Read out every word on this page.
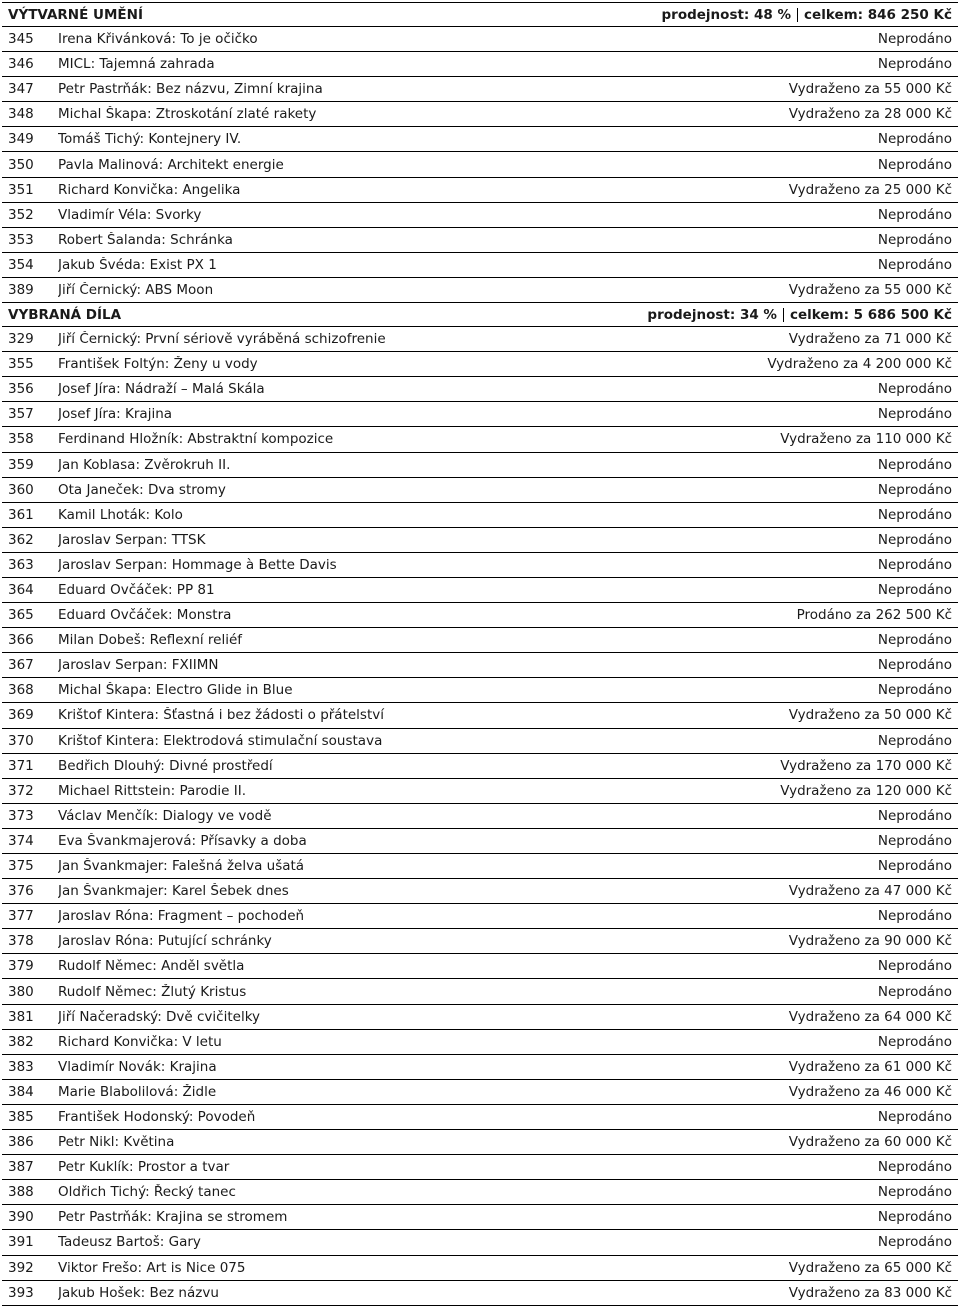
VÝTVARNÉ UMĚNÍ	prodejnost: 48 % celkem: 846 250 Kč
345	Irena Křivánková: To je očičko	Neprodáno
346	MICL: Tajemná zahrada	Neprodáno
347	Petr Pastrňák: Bez názvu, Zimní krajina	Vydraženo za 55 000 Kč
348	Michal Škapa: Ztroskotání zlaté rakety	Vydraženo za 28 000 Kč
349	Tomáš Tichý: Kontejnery IV.	Neprodáno
350	Pavla Malinová: Architekt energie	Neprodáno
351	Richard Konvička: Angelika	Vydraženo za 25 000 Kč
352	Vladimír Véla: Svorky	Neprodáno
353	Robert Šalanda: Schránka	Neprodáno
354	Jakub Švéda: Exist PX 1	Neprodáno
389	Jiří Černický: ABS Moon	Vydraženo za 55 000 Kč
VYBRANÁ DÍLA	prodejnost: 34 % celkem: 5 686 500 Kč
329	Jiří Černický: První sériově vyráběná schizofrenie	Vydraženo za 71 000 Kč
355	František Foltýn: Ženy u vody	Vydraženo za 4 200 000 Kč
356	Josef Jíra: Nádraží – Malá Skála	Neprodáno
357	Josef Jíra: Krajina	Neprodáno
358	Ferdinand Hložník: Abstraktní kompozice	Vydraženo za 110 000 Kč
359	Jan Koblasa: Zvěrokruh II.	Neprodáno
360	Ota Janeček: Dva stromy	Neprodáno
361	Kamil Lhoták: Kolo	Neprodáno
362	Jaroslav Serpan: TTSK	Neprodáno
363	Jaroslav Serpan: Hommage à Bette Davis	Neprodáno
364	Eduard Ovčáček: PP 81	Neprodáno
365	Eduard Ovčáček: Monstra	Prodáno za 262 500 Kč
366	Milan Dobeš: Reflexní reliéf	Neprodáno
367	Jaroslav Serpan: FXIIMN	Neprodáno
368	Michal Škapa: Electro Glide in Blue	Neprodáno
369	Krištof Kintera: Šťastná i bez žádosti o přátelství	Vydraženo za 50 000 Kč
370	Krištof Kintera: Elektrodová stimulační soustava	Neprodáno
371	Bedřich Dlouhý: Divné prostředí	Vydraženo za 170 000 Kč
372	Michael Rittstein: Parodie II.	Vydraženo za 120 000 Kč
373	Václav Menčík: Dialogy ve vodě	Neprodáno
374	Eva Švankmajerová: Přísavky a doba	Neprodáno
375	Jan Švankmajer: Falešná želva ušatá	Neprodáno
376	Jan Švankmajer: Karel Šebek dnes	Vydraženo za 47 000 Kč
377	Jaroslav Róna: Fragment – pochodeň	Neprodáno
378	Jaroslav Róna: Putující schránky	Vydraženo za 90 000 Kč
379	Rudolf Němec: Anděl světla	Neprodáno
380	Rudolf Němec: Žlutý Kristus	Neprodáno
381	Jiří Načeradský: Dvě cvičitelky	Vydraženo za 64 000 Kč
382	Richard Konvička: V letu	Neprodáno
383	Vladimír Novák: Krajina	Vydraženo za 61 000 Kč
384	Marie Blabolilová: Židle	Vydraženo za 46 000 Kč
385	František Hodonský: Povodeň	Neprodáno
386	Petr Nikl: Květina	Vydraženo za 60 000 Kč
387	Petr Kuklík: Prostor a tvar	Neprodáno
388	Oldřich Tichý: Řecký tanec	Neprodáno
390	Petr Pastrňák: Krajina se stromem	Neprodáno
391	Tadeusz Bartoš: Gary	Neprodáno
392	Viktor Frešo: Art is Nice 075	Vydraženo za 65 000 Kč
393	Jakub Hošek: Bez názvu	Vydraženo za 83 000 Kč
